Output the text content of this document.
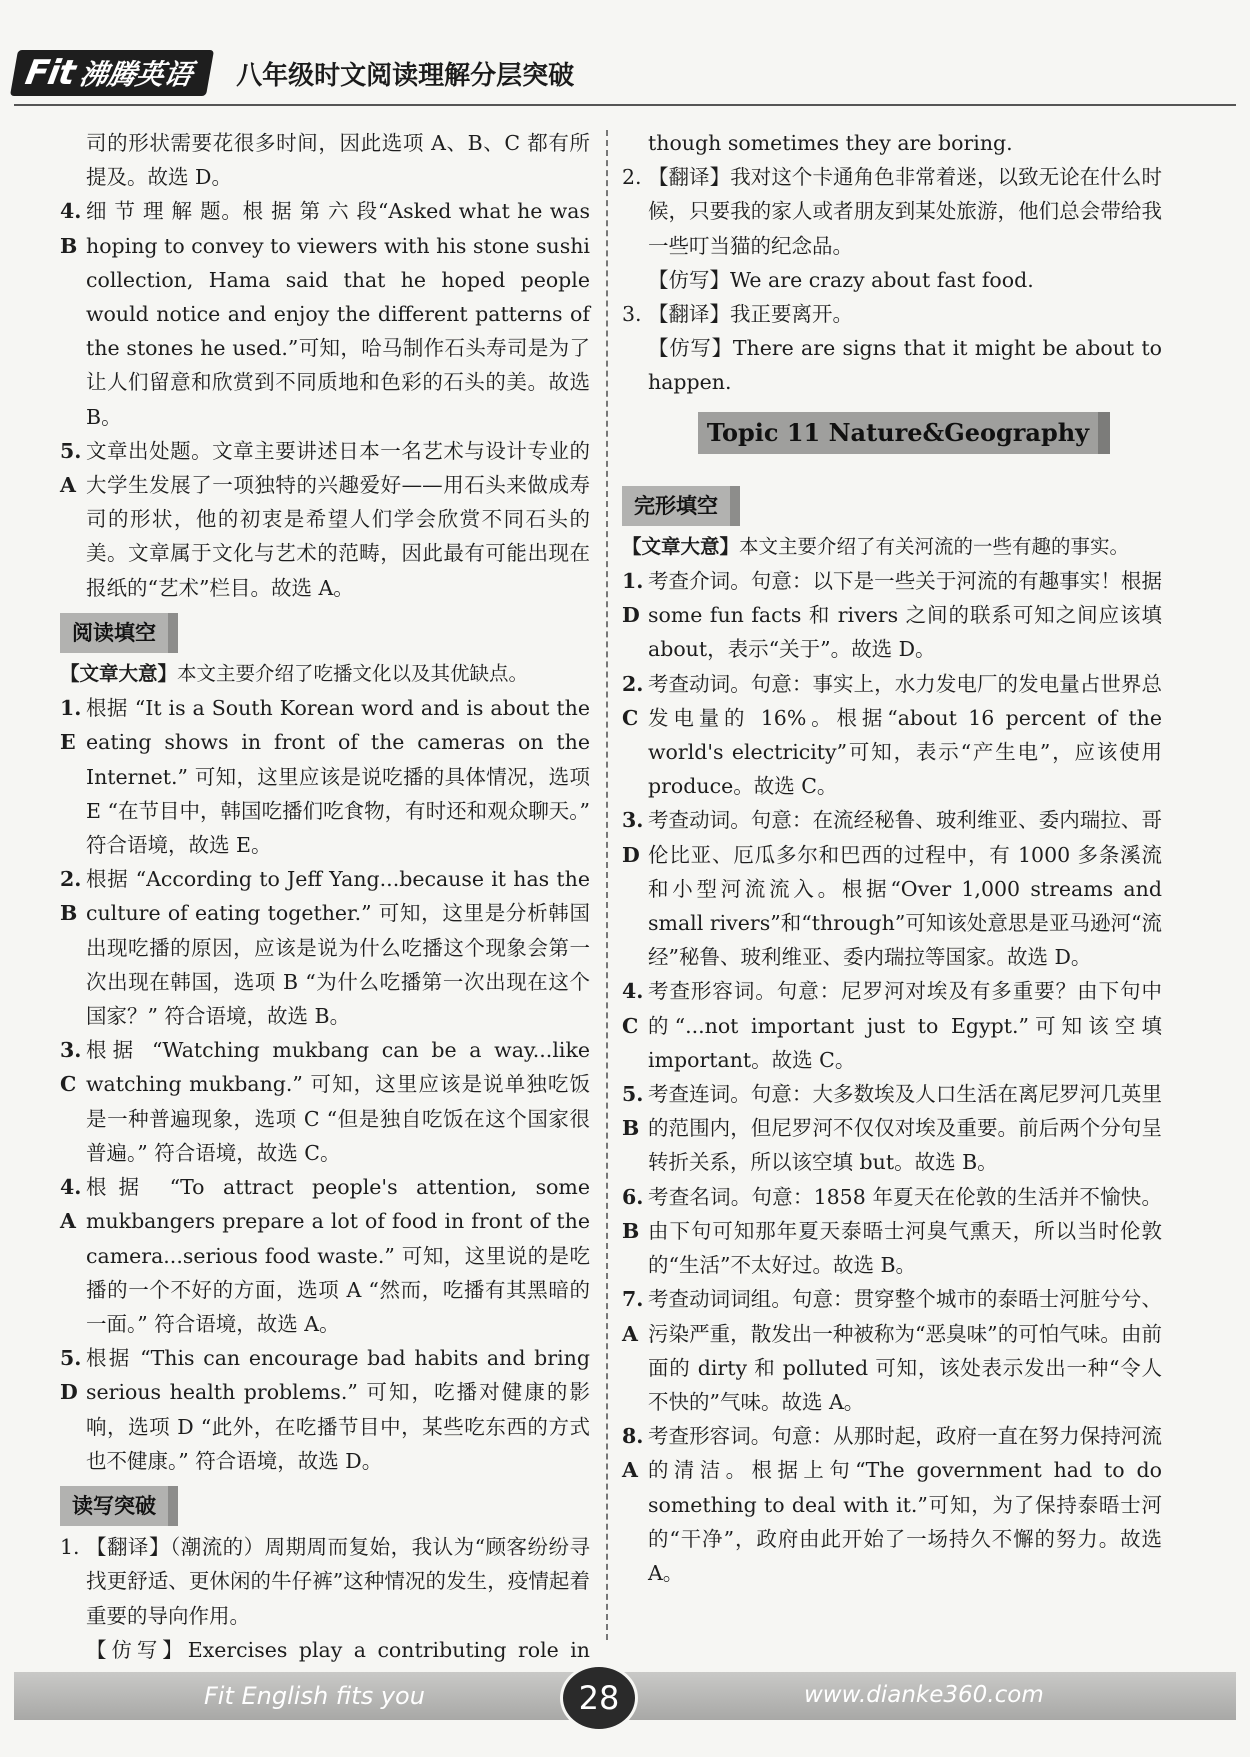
Fit 沸腾英语 八年级时文阅读理解分层突破
司的形状需要花很多时间，因此选项 A、B、C 都有所提及。故选 D。
4. B
细 节 理 解 题。根 据 第 六 段“Asked what he was hoping to convey to viewers with his stone sushi collection, Hama said that he hoped people would notice and enjoy the different patterns of the stones he used.”可知，哈马制作石头寿司是为了让人们留意和欣赏到不同质地和色彩的石头的美。故选 B。
5. A
文章出处题。文章主要讲述日本一名艺术与设计专业的大学生发展了一项独特的兴趣爱好——用石头来做成寿司的形状，他的初衷是希望人们学会欣赏不同石头的美。文章属于文化与艺术的范畴，因此最有可能出现在报纸的“艺术”栏目。故选 A。
阅读填空
【文章大意】本文主要介绍了吃播文化以及其优缺点。
1. E
根据 “It is a South Korean word and is about the eating shows in front of the cameras on the Internet.” 可知，这里应该是说吃播的具体情况，选项 E “在节目中，韩国吃播们吃食物，有时还和观众聊天。” 符合语境，故选 E。
2. B
根据 “According to Jeff Yang...because it has the culture of eating together.” 可知，这里是分析韩国出现吃播的原因，应该是说为什么吃播这个现象会第一次出现在韩国，选项 B “为什么吃播第一次出现在这个国家？” 符合语境，故选 B。
3. C
根据 “Watching mukbang can be a way...like watching mukbang.” 可知，这里应该是说单独吃饭是一种普遍现象，选项 C “但是独自吃饭在这个国家很普遍。” 符合语境，故选 C。
4. A
根据 “To attract people's attention, some mukbangers prepare a lot of food in front of the camera...serious food waste.” 可知，这里说的是吃播的一个不好的方面，选项 A “然而，吃播有其黑暗的一面。” 符合语境，故选 A。
5. D
根据 “This can encourage bad habits and bring serious health problems.” 可知，吃播对健康的影响，选项 D “此外，在吃播节目中，某些吃东西的方式也不健康。” 符合语境，故选 D。
读写突破
1. 【翻译】（潮流的）周期周而复始，我认为“顾客纷纷寻找更舒适、更休闲的牛仔裤”这种情况的发生，疫情起着重要的导向作用。
【仿写】Exercises play a contributing role in
though sometimes they are boring.
2. 【翻译】我对这个卡通角色非常着迷，以致无论在什么时候，只要我的家人或者朋友到某处旅游，他们总会带给我一些叮当猫的纪念品。
【仿写】We are crazy about fast food.
3. 【翻译】我正要离开。
【仿写】There are signs that it might be about to happen.
Topic 11 Nature&Geography
完形填空
【文章大意】本文主要介绍了有关河流的一些有趣的事实。
1. D
考查介词。句意：以下是一些关于河流的有趣事实！根据 some fun facts 和 rivers 之间的联系可知之间应该填 about，表示“关于”。故选 D。
2. C
考查动词。句意：事实上，水力发电厂的发电量占世界总发电量的 16%。根据“about 16 percent of the world's electricity”可知，表示“产生电”，应该使用 produce。故选 C。
3. D
考查动词。句意：在流经秘鲁、玻利维亚、委内瑞拉、哥伦比亚、厄瓜多尔和巴西的过程中，有 1000 多条溪流和小型河流流入。根据“Over 1,000 streams and small rivers”和“through”可知该处意思是亚马逊河“流经”秘鲁、玻利维亚、委内瑞拉等国家。故选 D。
4. C
考查形容词。句意：尼罗河对埃及有多重要？由下句中的“...not important just to Egypt.”可知该空填 important。故选 C。
5. B
考查连词。句意：大多数埃及人口生活在离尼罗河几英里的范围内，但尼罗河不仅仅对埃及重要。前后两个分句呈转折关系，所以该空填 but。故选 B。
6. B
考查名词。句意：1858 年夏天在伦敦的生活并不愉快。由下句可知那年夏天泰晤士河臭气熏天，所以当时伦敦的“生活”不太好过。故选 B。
7. A
考查动词词组。句意：贯穿整个城市的泰晤士河脏兮兮、污染严重，散发出一种被称为“恶臭味”的可怕气味。由前面的 dirty 和 polluted 可知，该处表示发出一种“令人不快的”气味。故选 A。
8. A
考查形容词。句意：从那时起，政府一直在努力保持河流的清洁。根据上句“The government had to do something to deal with it.”可知，为了保持泰晤士河的“干净”，政府由此开始了一场持久不懈的努力。故选 A。
Fit English fits you	www.dianke360.com
28
